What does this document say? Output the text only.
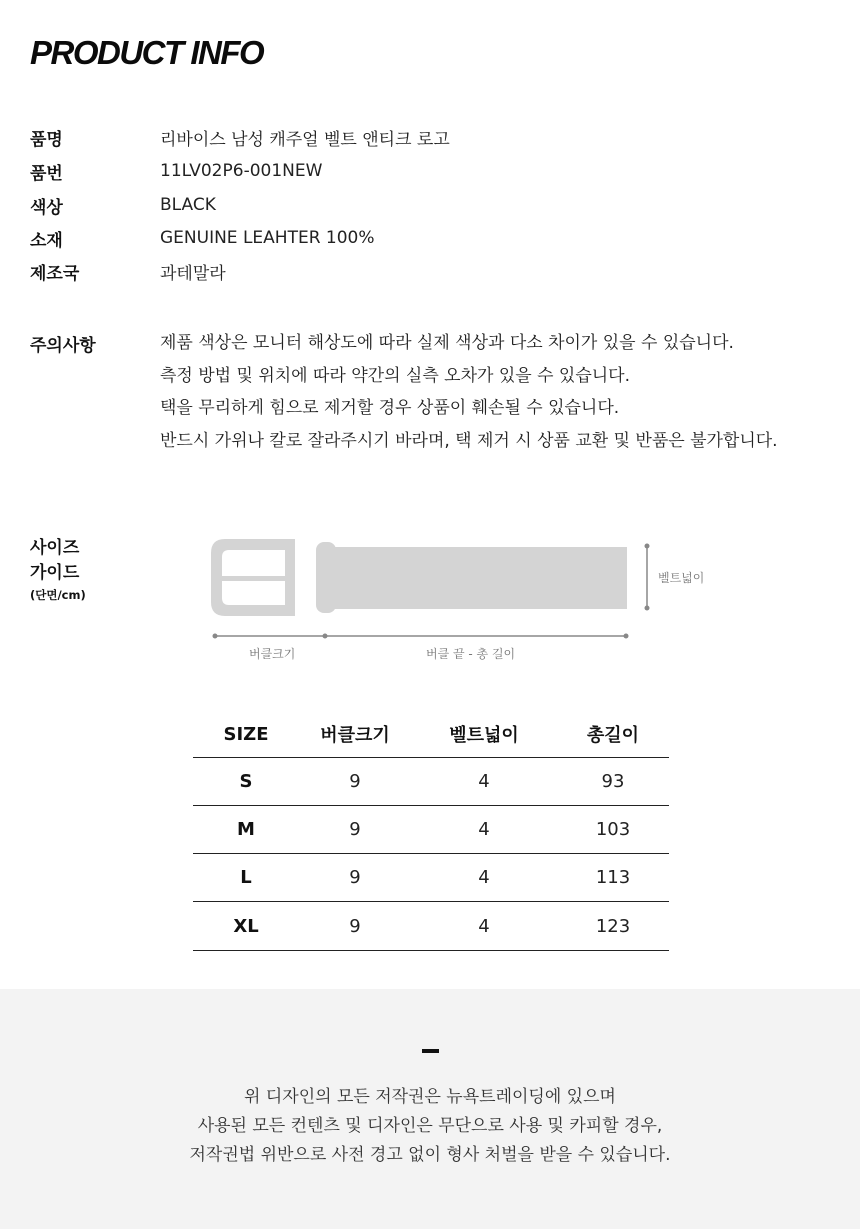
PRODUCT INFO
품명	리바이스 남성 캐주얼 벨트 앤티크 로고
품번	11LV02P6-001NEW
색상	BLACK
소재	GENUINE LEAHTER 100%
제조국	과테말라
주의사항	제품 색상은 모니터 해상도에 따라 실제 색상과 다소 차이가 있을 수 있습니다.
측정 방법 및 위치에 따라 약간의 실측 오차가 있을 수 있습니다.
택을 무리하게 힘으로 제거할 경우 상품이 훼손될 수 있습니다.
반드시 가위나 칼로 잘라주시기 바라며, 택 제거 시 상품 교환 및 반품은 불가합니다.
사이즈
가이드
(단면/cm)
벨트넓이
버클크기	버클 끝 - 총 길이
SIZE	버클크기	벨트넓이	총길이
S	9	4	93
M	9	4	103
L	9	4	113
XL	9	4	123
위 디자인의 모든 저작권은 뉴욕트레이딩에 있으며
사용된 모든 컨텐츠 및 디자인은 무단으로 사용 및 카피할 경우,
저작권법 위반으로 사전 경고 없이 형사 처벌을 받을 수 있습니다.
